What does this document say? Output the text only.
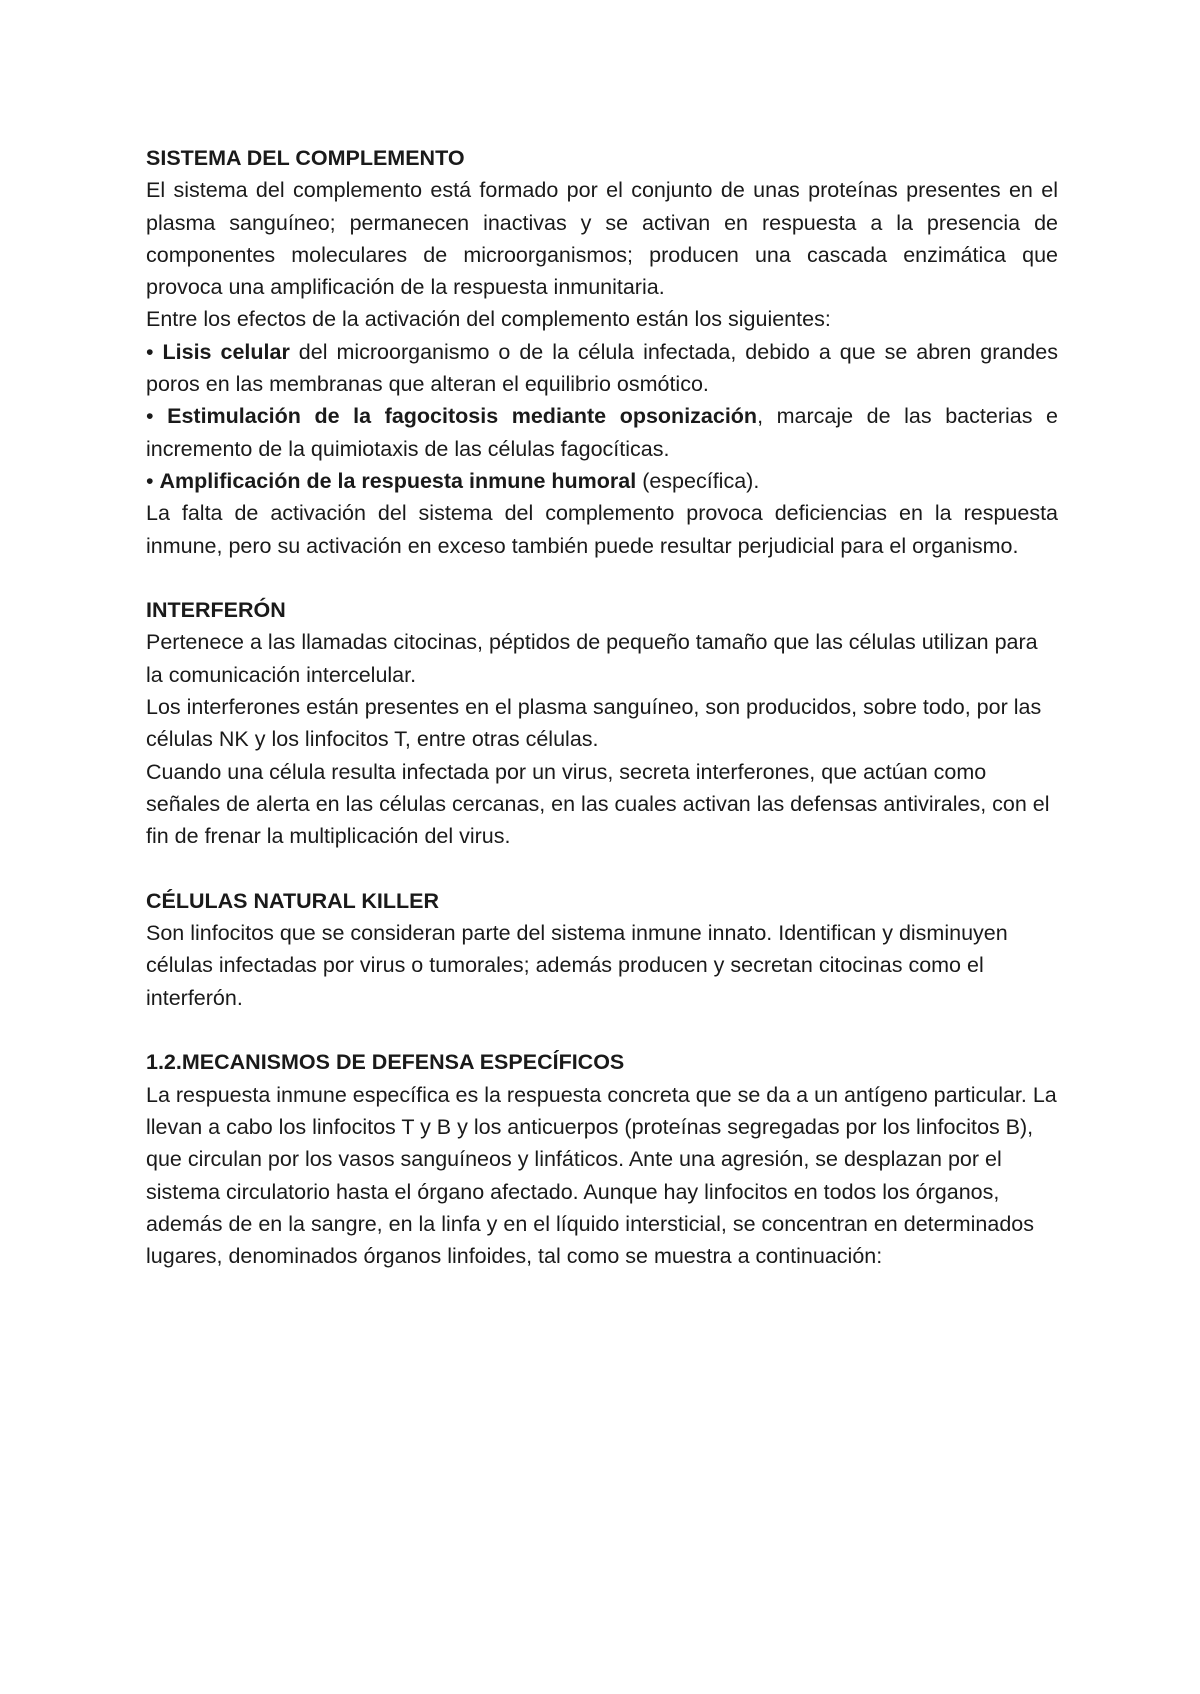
SISTEMA DEL COMPLEMENTO

El sistema del complemento está formado por el conjunto de unas proteínas presentes en el plasma sanguíneo; permanecen inactivas y se activan en respuesta a la presencia de componentes moleculares de microorganismos; producen una cascada enzimática que provoca una amplificación de la respuesta inmunitaria.

Entre los efectos de la activación del complemento están los siguientes:

• Lisis celular del microorganismo o de la célula infectada, debido a que se abren grandes poros en las membranas que alteran el equilibrio osmótico.

• Estimulación de la fagocitosis mediante opsonización, marcaje de las bacterias e incremento de la quimiotaxis de las células fagocíticas.

• Amplificación de la respuesta inmune humoral (específica).

La falta de activación del sistema del complemento provoca deficiencias en la respuesta inmune, pero su activación en exceso también puede resultar perjudicial para el organismo.

INTERFERÓN

Pertenece a las llamadas citocinas, péptidos de pequeño tamaño que las células utilizan para la comunicación intercelular.

Los interferones están presentes en el plasma sanguíneo, son producidos, sobre todo, por las células NK y los linfocitos T, entre otras células.

Cuando una célula resulta infectada por un virus, secreta interferones, que actúan como señales de alerta en las células cercanas, en las cuales activan las defensas antivirales, con el fin de frenar la multiplicación del virus.

CÉLULAS NATURAL KILLER

Son linfocitos que se consideran parte del sistema inmune innato. Identifican y disminuyen células infectadas por virus o tumorales; además producen y secretan citocinas como el interferón.

1.2.MECANISMOS DE DEFENSA ESPECÍFICOS

La respuesta inmune específica es la respuesta concreta que se da a un antígeno particular. La llevan a cabo los linfocitos T y B y los anticuerpos (proteínas segregadas por los linfocitos B), que circulan por los vasos sanguíneos y linfáticos. Ante una agresión, se desplazan por el sistema circulatorio hasta el órgano afectado. Aunque hay linfocitos en todos los órganos, además de en la sangre, en la linfa y en el líquido intersticial, se concentran en determinados lugares, denominados órganos linfoides, tal como se muestra a continuación:
